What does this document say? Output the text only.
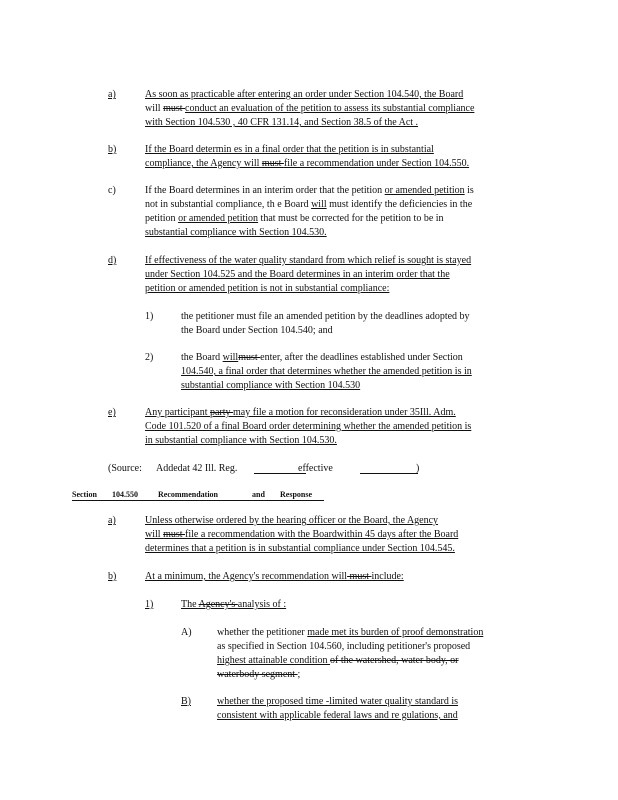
a)	As soon as practicable after entering an order under Section 104.540, the Board

will must conduct an evaluation of the petition to assess its substantial compliance

with Section 104.530 , 40 CFR 131.14, and Section 38.5 of the Act .

b)	If the Board determin es in a final order that the petition is in substantial

compliance, the Agency will must file a recommendation under Section 104.550.

c)	If the Board determines in an interim order that the petition or amended petition is

not in substantial compliance, th e Board will must identify the deficiencies in the

petition or amended petition that must be corrected for the petition to be in

substantial compliance with Section 104.530.

d)	If effectiveness of the water quality standard from which relief is sought is stayed

under Section 104.525 and the Board determines in an interim order that the

petition or amended petition is not in substantial compliance:

1)	the petitioner must file an amended petition by the deadlines adopted by

the Board under Section 104.540; and

2)	the Board willmust enter, after the deadlines established under Section

104.540, a final order that determines whether the amended petition is in

substantial compliance with Section 104.530

e)	Any participant party may file a motion for reconsideration under 35Ill. Adm.

Code 101.520 of a final Board order determining whether the amended petition is

in substantial compliance with Section 104.530.

(Source: Addedat 42 Ill. Reg.	effective	)
Section 104.550	Recommendation	and Response
a)	Unless otherwise ordered by the hearing officer or the Board, the Agency

will must file a recommendation with the Boardwithin 45 days after the Board

determines that a petition is in substantial compliance under Section 104.545.

b)	At a minimum, the Agency's recommendation will must include:

1)	The Agency's analysis of :

A)	whether the petitioner made met its burden of proof demonstration

as specified in Section 104.560, including petitioner's proposed

highest attainable condition of the watershed, water body, or

waterbody segment ;

B)	whether the proposed time -limited water quality standard is

consistent with applicable federal laws and re gulations, and
